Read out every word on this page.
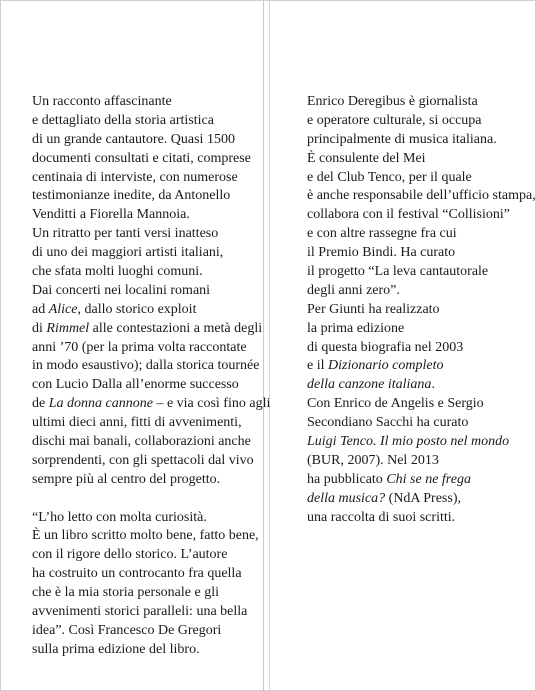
Un racconto affascinante
e dettagliato della storia artistica
di un grande cantautore. Quasi 1500
documenti consultati e citati, comprese
centinaia di interviste, con numerose
testimonianze inedite, da Antonello
Venditti a Fiorella Mannoia.
Un ritratto per tanti versi inatteso
di uno dei maggiori artisti italiani,
che sfata molti luoghi comuni.
Dai concerti nei localini romani
ad Alice, dallo storico exploit
di Rimmel alle contestazioni a metà degli
anni ’70 (per la prima volta raccontate
in modo esaustivo); dalla storica tournée
con Lucio Dalla all’enorme successo
de La donna cannone – e via così fino agli
ultimi dieci anni, fitti di avvenimenti,
dischi mai banali, collaborazioni anche
sorprendenti, con gli spettacoli dal vivo
sempre più al centro del progetto.
“L’ho letto con molta curiosità.
È un libro scritto molto bene, fatto bene,
con il rigore dello storico. L’autore
ha costruito un controcanto fra quella
che è la mia storia personale e gli
avvenimenti storici paralleli: una bella
idea”. Così Francesco De Gregori
sulla prima edizione del libro.
Enrico Deregibus è giornalista
e operatore culturale, si occupa
principalmente di musica italiana.
È consulente del Mei
e del Club Tenco, per il quale
è anche responsabile dell’ufficio stampa,
collabora con il festival “Collisioni”
e con altre rassegne fra cui
il Premio Bindi. Ha curato
il progetto “La leva cantautorale
degli anni zero”.
Per Giunti ha realizzato
la prima edizione
di questa biografia nel 2003
e il Dizionario completo
della canzone italiana.
Con Enrico de Angelis e Sergio
Secondiano Sacchi ha curato
Luigi Tenco. Il mio posto nel mondo
(BUR, 2007). Nel 2013
ha pubblicato Chi se ne frega
della musica? (NdA Press),
una raccolta di suoi scritti.
